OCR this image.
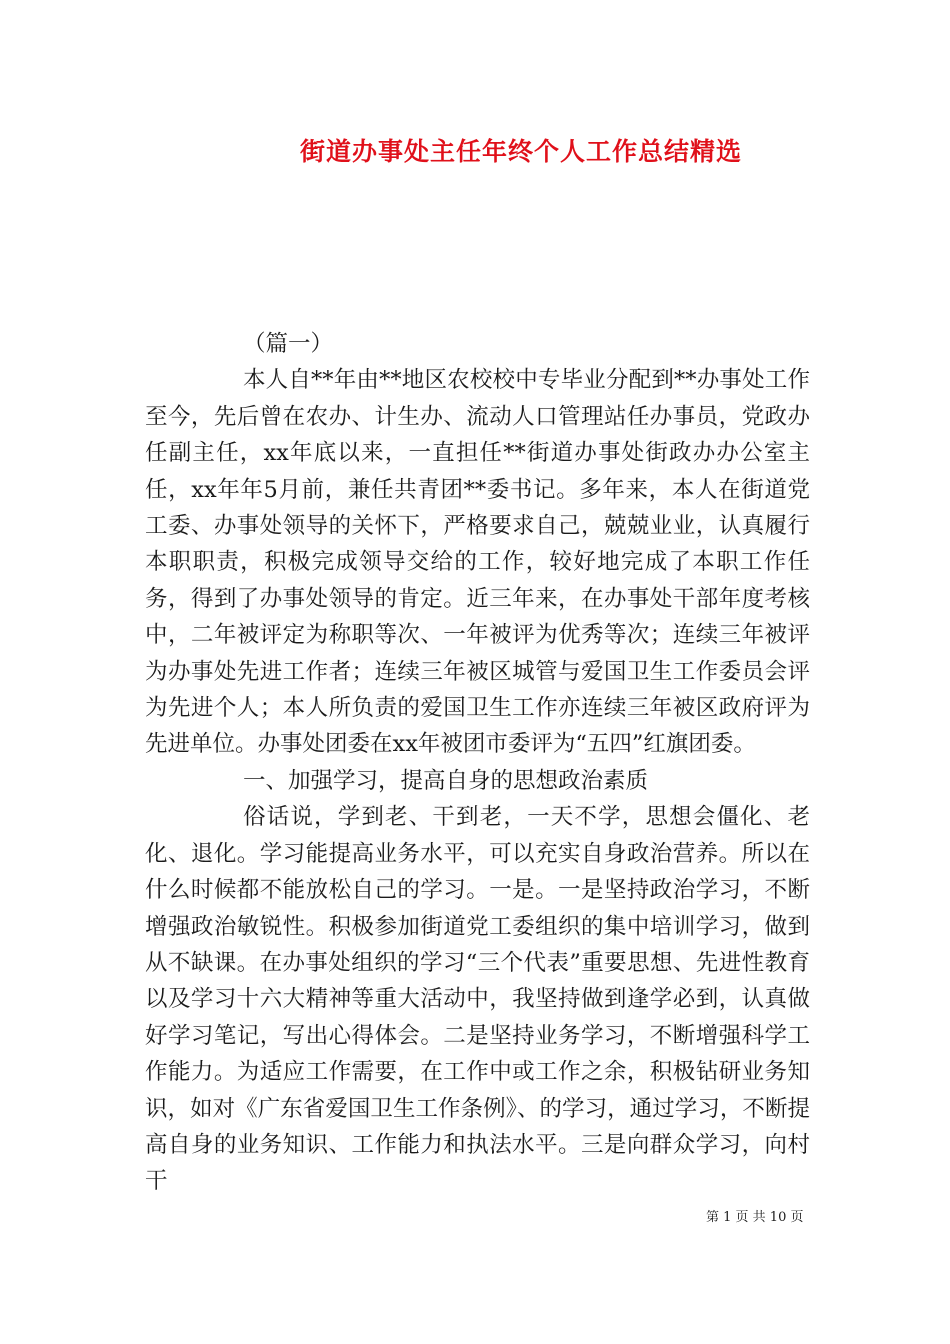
街道办事处主任年终个人工作总结精选

（篇一）

本人自**年由**地区农校校中专毕业分配到**办事处工作至今，先后曾在农办、计生办、流动人口管理站任办事员，党政办任副主任，xx年底以来，一直担任**街道办事处街政办办公室主任，xx年年5月前，兼任共青团**委书记。多年来，本人在街道党工委、办事处领导的关怀下，严格要求自己，兢兢业业，认真履行本职职责，积极完成领导交给的工作，较好地完成了本职工作任务，得到了办事处领导的肯定。近三年来，在办事处干部年度考核中，二年被评定为称职等次、一年被评为优秀等次；连续三年被评为办事处先进工作者；连续三年被区城管与爱国卫生工作委员会评为先进个人；本人所负责的爱国卫生工作亦连续三年被区政府评为先进单位。办事处团委在xx年被团市委评为“五四”红旗团委。

一、加强学习，提高自身的思想政治素质

俗话说，学到老、干到老，一天不学，思想会僵化、老化、退化。学习能提高业务水平，可以充实自身政治营养。所以在什么时候都不能放松自己的学习。一是。一是坚持政治学习，不断增强政治敏锐性。积极参加街道党工委组织的集中培训学习，做到从不缺课。在办事处组织的学习“三个代表”重要思想、先进性教育以及学习十六大精神等重大活动中，我坚持做到逢学必到，认真做好学习笔记，写出心得体会。二是坚持业务学习，不断增强科学工作能力。为适应工作需要，在工作中或工作之余，积极钻研业务知识，如对《广东省爱国卫生工作条例》、的学习，通过学习，不断提高自身的业务知识、工作能力和执法水平。三是向群众学习，向村干

第 1 页 共 10 页
